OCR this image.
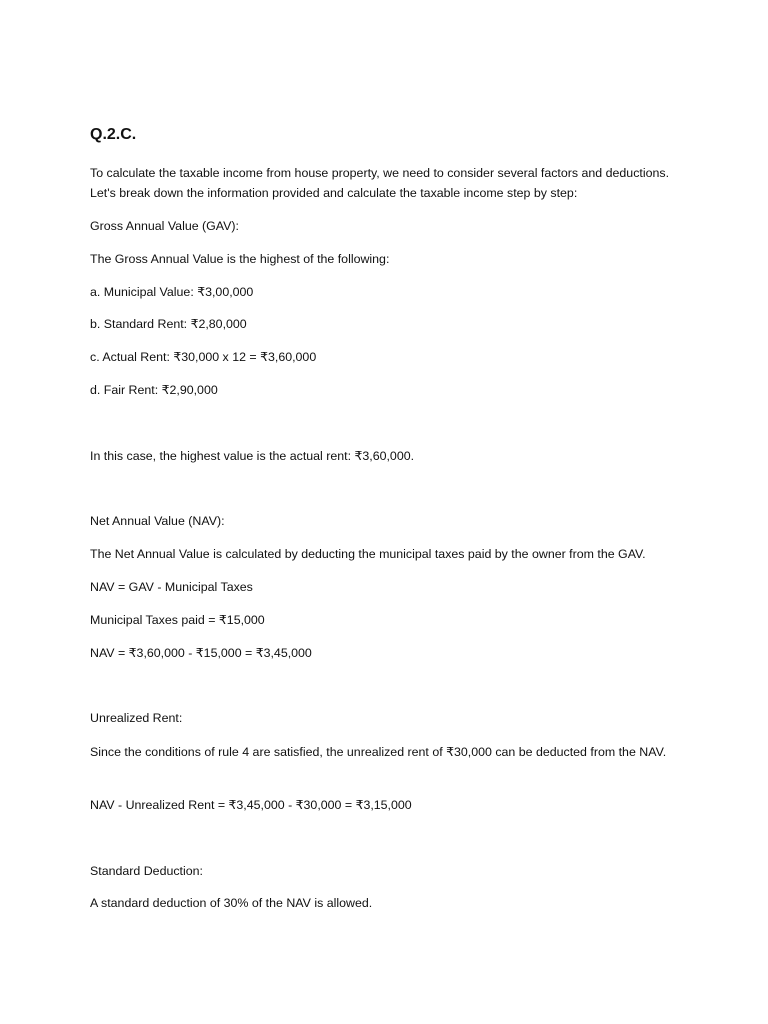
Q.2.C.
To calculate the taxable income from house property, we need to consider several factors and deductions. Let's break down the information provided and calculate the taxable income step by step:
Gross Annual Value (GAV):
The Gross Annual Value is the highest of the following:
a. Municipal Value: ₹3,00,000
b. Standard Rent: ₹2,80,000
c. Actual Rent: ₹30,000 x 12 = ₹3,60,000
d. Fair Rent: ₹2,90,000
In this case, the highest value is the actual rent: ₹3,60,000.
Net Annual Value (NAV):
The Net Annual Value is calculated by deducting the municipal taxes paid by the owner from the GAV.
NAV = GAV - Municipal Taxes
Municipal Taxes paid = ₹15,000
NAV = ₹3,60,000 - ₹15,000 = ₹3,45,000
Unrealized Rent:
Since the conditions of rule 4 are satisfied, the unrealized rent of ₹30,000 can be deducted from the NAV.
NAV - Unrealized Rent = ₹3,45,000 - ₹30,000 = ₹3,15,000
Standard Deduction:
A standard deduction of 30% of the NAV is allowed.
